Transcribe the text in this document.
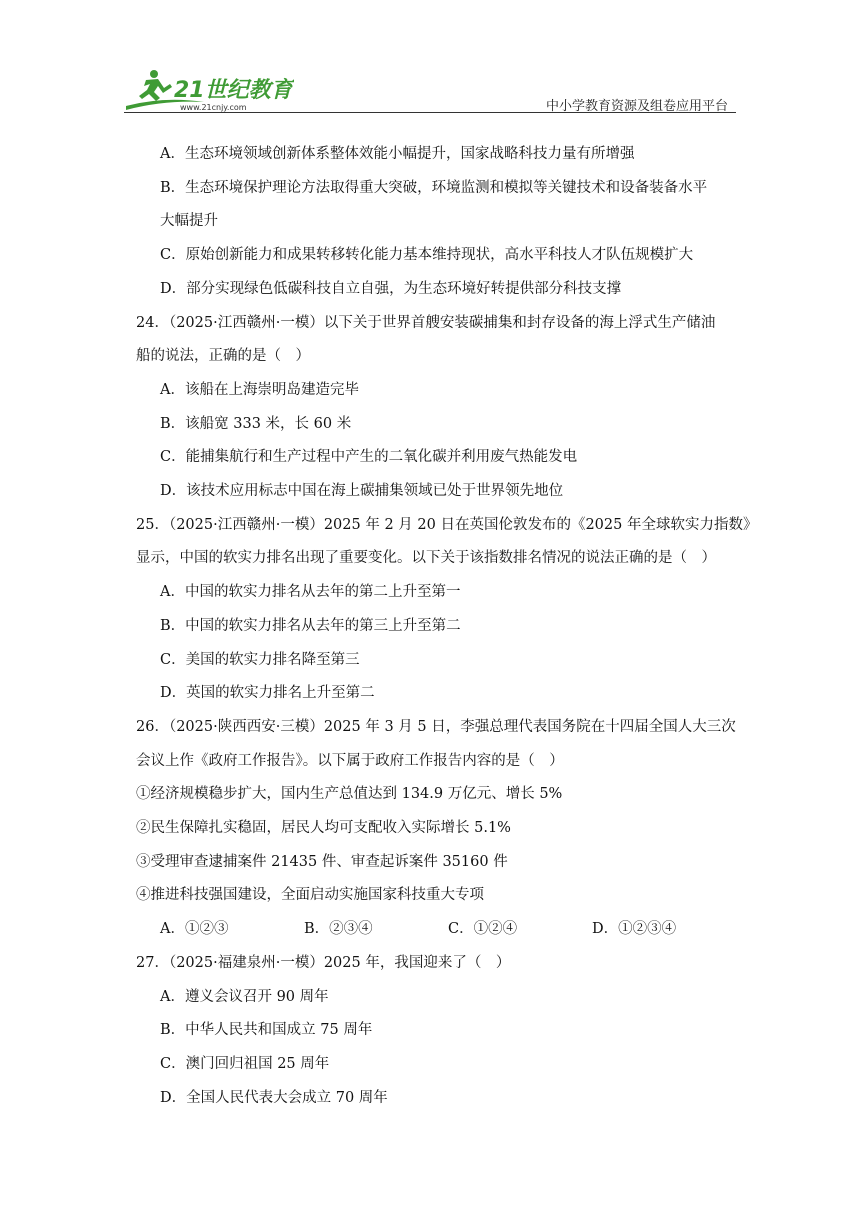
21世纪教育
www.21cnjy.com	中小学教育资源及组卷应用平台
A．生态环境领域创新体系整体效能小幅提升，国家战略科技力量有所增强
B．生态环境保护理论方法取得重大突破，环境监测和模拟等关键技术和设备装备水平
大幅提升
C．原始创新能力和成果转移转化能力基本维持现状，高水平科技人才队伍规模扩大
D．部分实现绿色低碳科技自立自强，为生态环境好转提供部分科技支撑
24．（2025·江西赣州·一模）以下关于世界首艘安装碳捕集和封存设备的海上浮式生产储油
船的说法，正确的是（　）
A．该船在上海崇明岛建造完毕
B．该船宽 333 米，长 60 米
C．能捕集航行和生产过程中产生的二氧化碳并利用废气热能发电
D．该技术应用标志中国在海上碳捕集领域已处于世界领先地位
25．（2025·江西赣州·一模）2025 年 2 月 20 日在英国伦敦发布的《2025 年全球软实力指数》
显示，中国的软实力排名出现了重要变化。以下关于该指数排名情况的说法正确的是（　）
A．中国的软实力排名从去年的第二上升至第一
B．中国的软实力排名从去年的第三上升至第二
C．美国的软实力排名降至第三
D．英国的软实力排名上升至第二
26．（2025·陕西西安·三模）2025 年 3 月 5 日，李强总理代表国务院在十四届全国人大三次
会议上作《政府工作报告》。以下属于政府工作报告内容的是（　）
①经济规模稳步扩大，国内生产总值达到 134.9 万亿元、增长 5%
②民生保障扎实稳固，居民人均可支配收入实际增长 5.1%
③受理审查逮捕案件 21435 件、审查起诉案件 35160 件
④推进科技强国建设，全面启动实施国家科技重大专项
A．①②③	B．②③④	C．①②④	D．①②③④
27．（2025·福建泉州·一模）2025 年，我国迎来了（　）
A．遵义会议召开 90 周年
B．中华人民共和国成立 75 周年
C．澳门回归祖国 25 周年
D．全国人民代表大会成立 70 周年
